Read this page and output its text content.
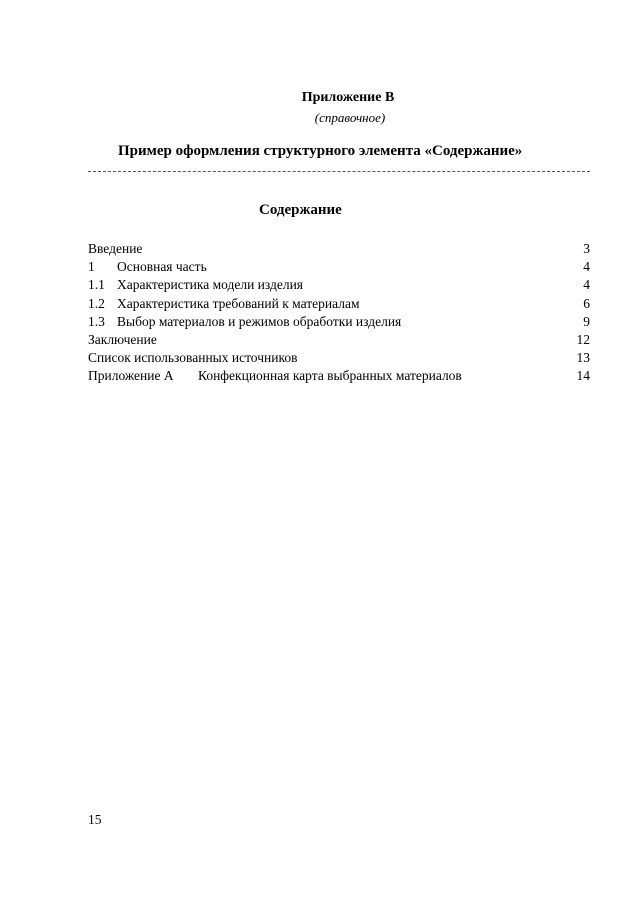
Приложение В
(справочное)
Пример оформления структурного элемента «Содержание»
Содержание
Введение	3
1 Основная часть	4
1.1 Характеристика модели изделия	4
1.2 Характеристика требований к материалам	6
1.3 Выбор материалов и режимов обработки изделия	9
Заключение	12
Список использованных источников	13
Приложение А Конфекционная карта выбранных материалов	14
15
